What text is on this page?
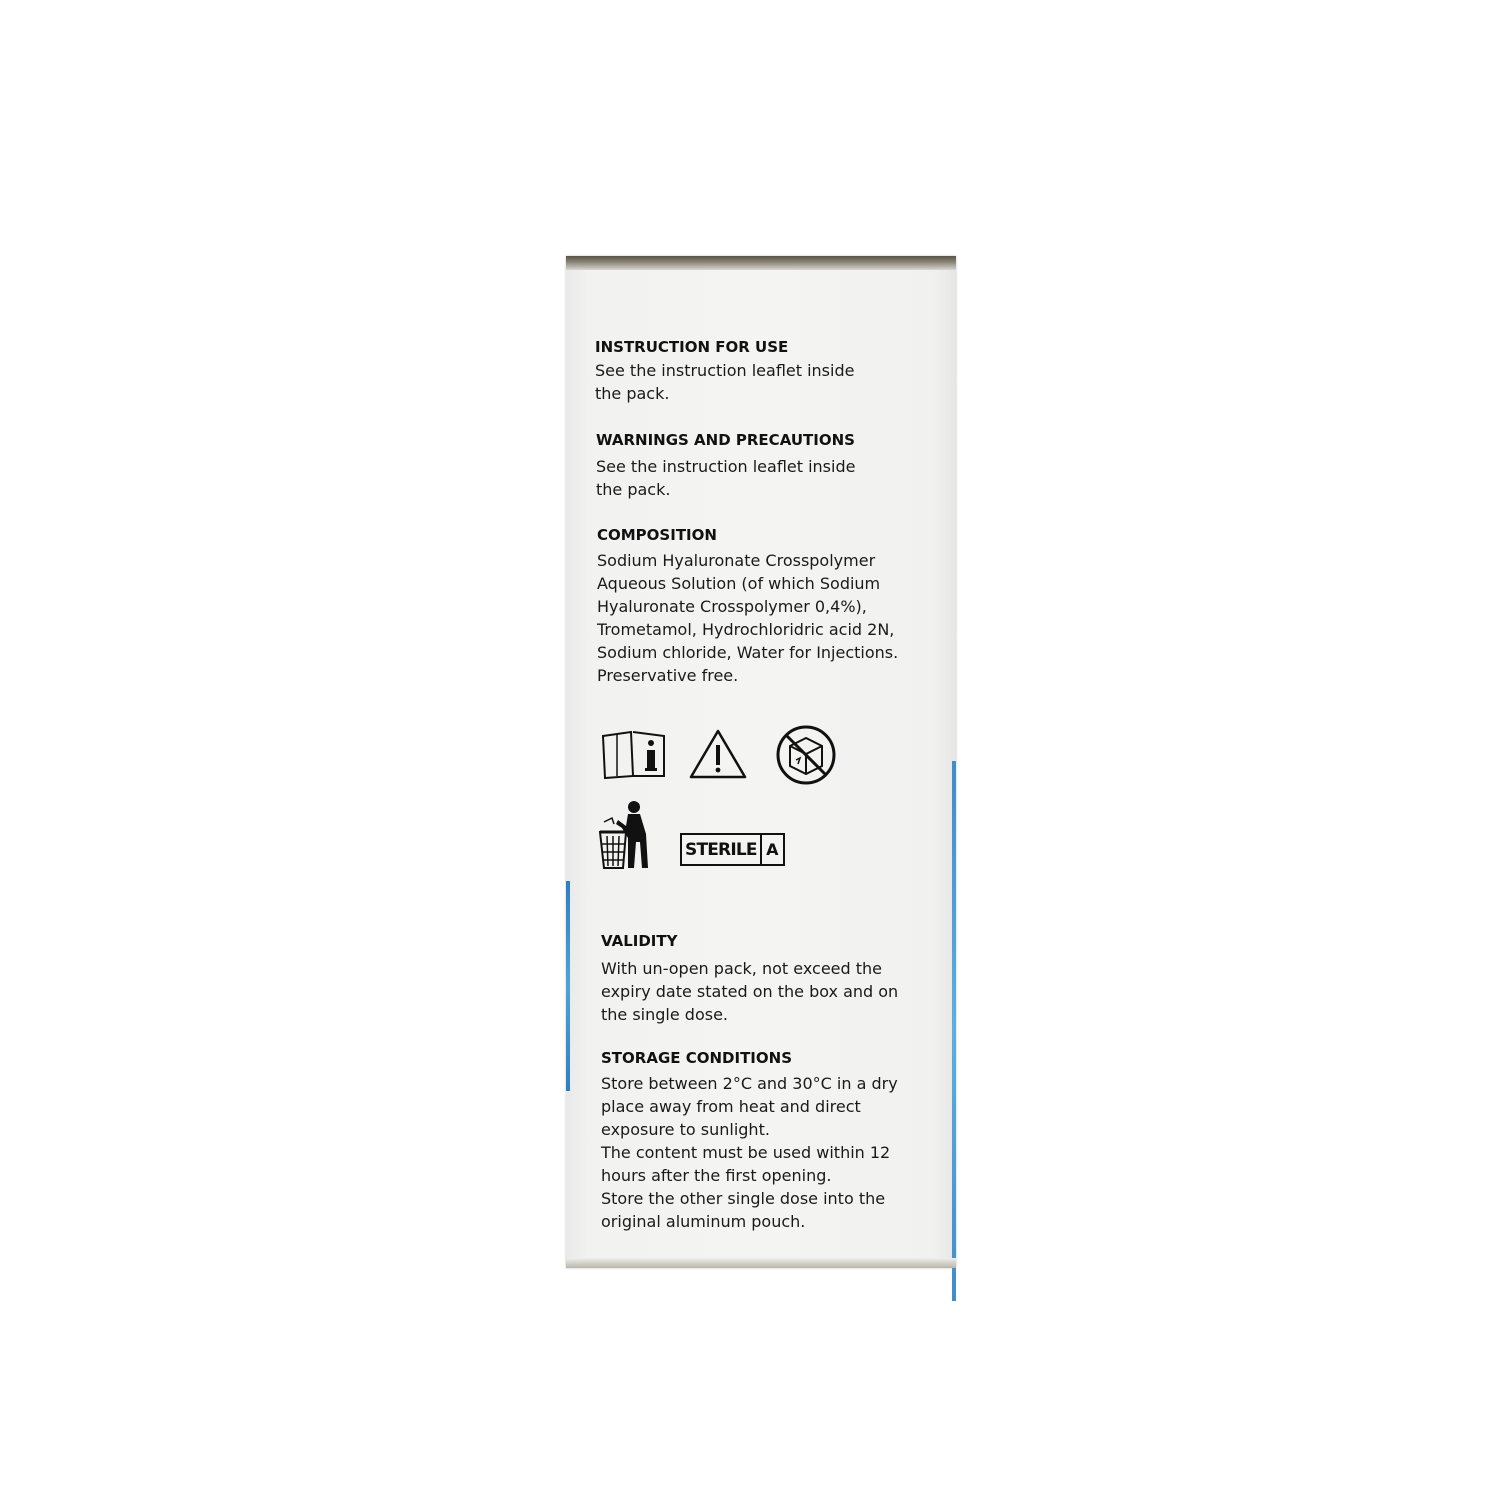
INSTRUCTION FOR USE

See the instruction leaflet inside

the pack.

WARNINGS AND PRECAUTIONS

See the instruction leaflet inside

the pack.

COMPOSITION

Sodium Hyaluronate Crosspolymer

Aqueous Solution (of which Sodium

Hyaluronate Crosspolymer 0,4%),

Trometamol, Hydrochloridric acid 2N,

Sodium chloride, Water for Injections.

Preservative free.

STERILE A
VALIDITY

With un-open pack, not exceed the

expiry date stated on the box and on

the single dose.

STORAGE CONDITIONS

Store between 2°C and 30°C in a dry

place away from heat and direct

exposure to sunlight.

The content must be used within 12

hours after the first opening.

Store the other single dose into the

original aluminum pouch.
